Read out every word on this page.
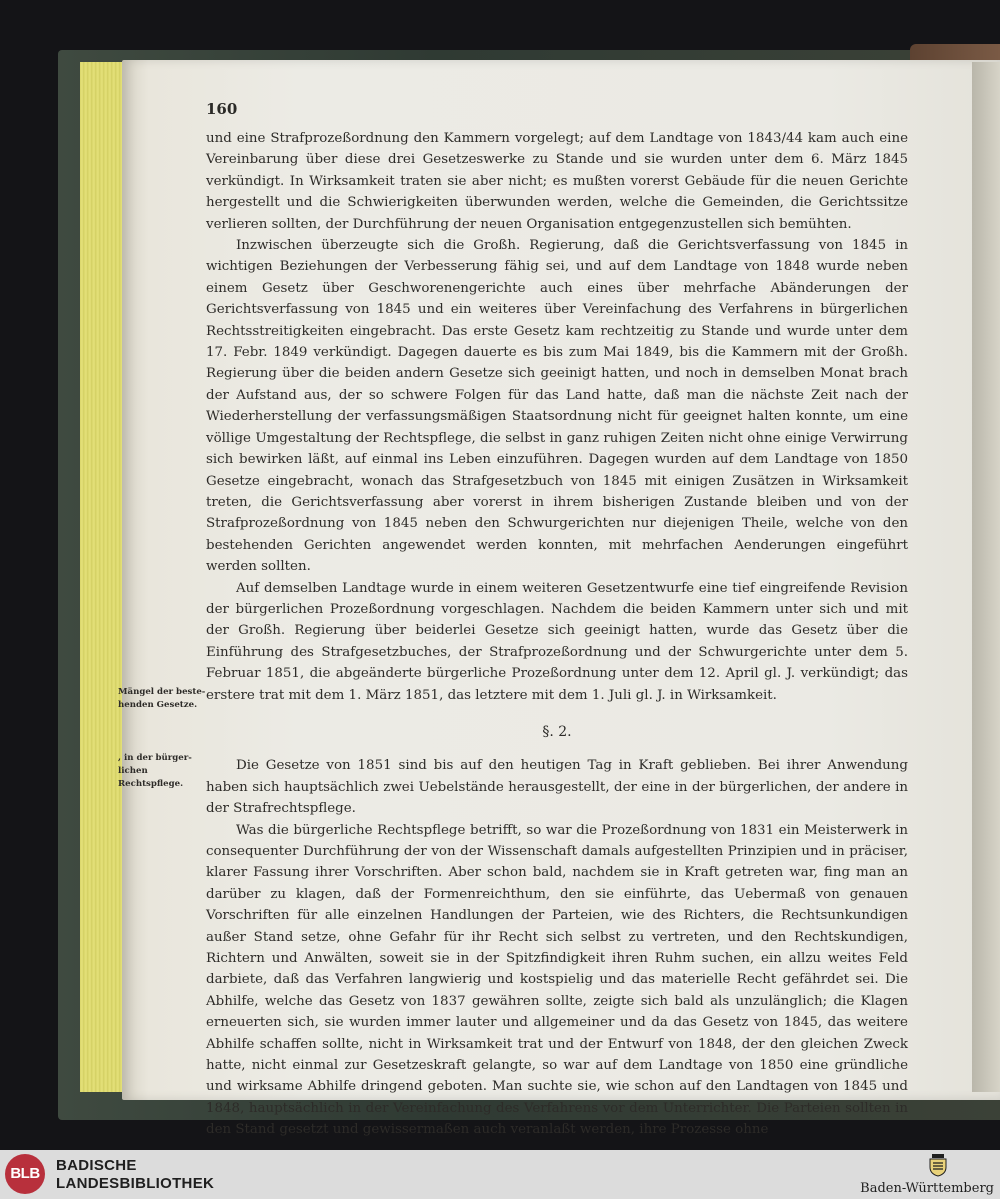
160
Mängel der beste-
henden Gesetze.
, in der bürger-
lichen Rechtspflege.

und eine Strafprozeßordnung den Kammern vorgelegt; auf dem Landtage von 1843/44 kam auch eine Vereinbarung über diese drei Gesetzeswerke zu Stande und sie wurden unter dem 6. März 1845 verkündigt. In Wirksamkeit traten sie aber nicht; es mußten vorerst Gebäude für die neuen Gerichte hergestellt und die Schwierigkeiten überwunden werden, welche die Gemeinden, die Gerichtssitze verlieren sollten, der Durchführung der neuen Organisation entgegenzustellen sich bemühten.

Inzwischen überzeugte sich die Großh. Regierung, daß die Gerichtsverfassung von 1845 in wichtigen Beziehungen der Verbesserung fähig sei, und auf dem Landtage von 1848 wurde neben einem Gesetz über Geschworenengerichte auch eines über mehrfache Abänderungen der Gerichtsverfassung von 1845 und ein weiteres über Vereinfachung des Verfahrens in bürgerlichen Rechtsstreitigkeiten eingebracht. Das erste Gesetz kam rechtzeitig zu Stande und wurde unter dem 17. Febr. 1849 verkündigt. Dagegen dauerte es bis zum Mai 1849, bis die Kammern mit der Großh. Regierung über die beiden andern Gesetze sich geeinigt hatten, und noch in demselben Monat brach der Aufstand aus, der so schwere Folgen für das Land hatte, daß man die nächste Zeit nach der Wiederherstellung der verfassungsmäßigen Staatsordnung nicht für geeignet halten konnte, um eine völlige Umgestaltung der Rechtspflege, die selbst in ganz ruhigen Zeiten nicht ohne einige Verwirrung sich bewirken läßt, auf einmal ins Leben einzuführen. Dagegen wurden auf dem Landtage von 1850 Gesetze eingebracht, wonach das Strafgesetzbuch von 1845 mit einigen Zusätzen in Wirksamkeit treten, die Gerichtsverfassung aber vorerst in ihrem bisherigen Zustande bleiben und von der Strafprozeßordnung von 1845 neben den Schwurgerichten nur diejenigen Theile, welche von den bestehenden Gerichten angewendet werden konnten, mit mehrfachen Aenderungen eingeführt werden sollten.

Auf demselben Landtage wurde in einem weiteren Gesetzentwurfe eine tief eingreifende Revision der bürgerlichen Prozeßordnung vorgeschlagen. Nachdem die beiden Kammern unter sich und mit der Großh. Regierung über beiderlei Gesetze sich geeinigt hatten, wurde das Gesetz über die Einführung des Strafgesetzbuches, der Strafprozeßordnung und der Schwurgerichte unter dem 5. Februar 1851, die abgeänderte bürgerliche Prozeßordnung unter dem 12. April gl. J. verkündigt; das erstere trat mit dem 1. März 1851, das letztere mit dem 1. Juli gl. J. in Wirksamkeit.

§. 2.

Die Gesetze von 1851 sind bis auf den heutigen Tag in Kraft geblieben. Bei ihrer Anwendung haben sich hauptsächlich zwei Uebelstände herausgestellt, der eine in der bürgerlichen, der andere in der Strafrechtspflege.

Was die bürgerliche Rechtspflege betrifft, so war die Prozeßordnung von 1831 ein Meisterwerk in consequenter Durchführung der von der Wissenschaft damals aufgestellten Prinzipien und in präciser, klarer Fassung ihrer Vorschriften. Aber schon bald, nachdem sie in Kraft getreten war, fing man an darüber zu klagen, daß der Formenreichthum, den sie einführte, das Uebermaß von genauen Vorschriften für alle einzelnen Handlungen der Parteien, wie des Richters, die Rechtsunkundigen außer Stand setze, ohne Gefahr für ihr Recht sich selbst zu vertreten, und den Rechtskundigen, Richtern und Anwälten, soweit sie in der Spitzfindigkeit ihren Ruhm suchen, ein allzu weites Feld darbiete, daß das Verfahren langwierig und kostspielig und das materielle Recht gefährdet sei. Die Abhilfe, welche das Gesetz von 1837 gewähren sollte, zeigte sich bald als unzulänglich; die Klagen erneuerten sich, sie wurden immer lauter und allgemeiner und da das Gesetz von 1845, das weitere Abhilfe schaffen sollte, nicht in Wirksamkeit trat und der Entwurf von 1848, der den gleichen Zweck hatte, nicht einmal zur Gesetzeskraft gelangte, so war auf dem Landtage von 1850 eine gründliche und wirksame Abhilfe dringend geboten. Man suchte sie, wie schon auf den Landtagen von 1845 und 1848, hauptsächlich in der Vereinfachung des Verfahrens vor dem Unterrichter. Die Parteien sollten in den Stand gesetzt und gewissermaßen auch veranlaßt werden, ihre Prozesse ohne

BLB	BADISCHE
LANDESBIBLIOTHEK	Baden-Württemberg
